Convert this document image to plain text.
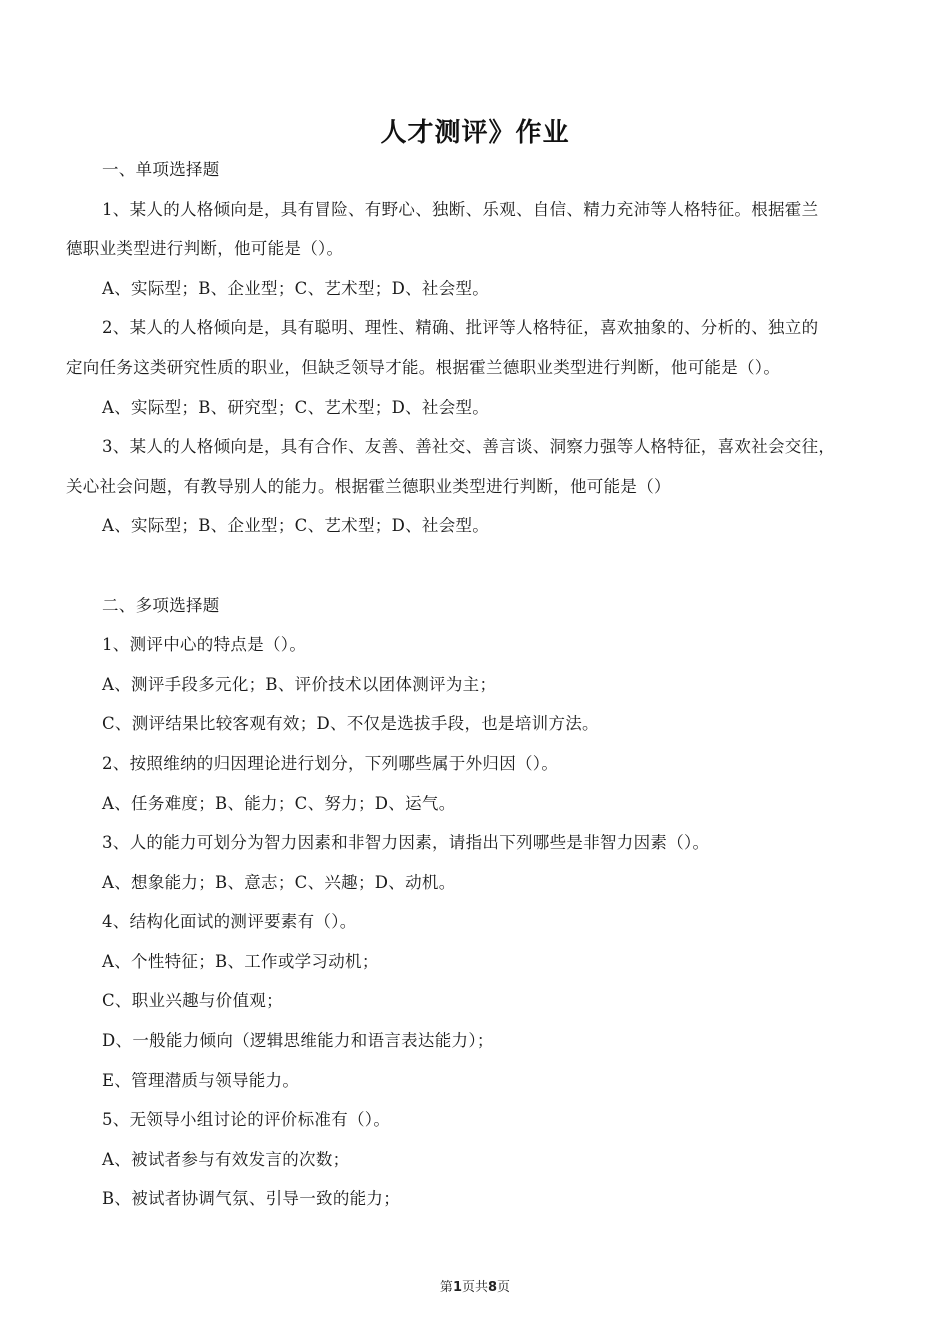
人才测评》作业

一、单项选择题

1、某人的人格倾向是，具有冒险、有野心、独断、乐观、自信、精力充沛等人格特征。根据霍兰

德职业类型进行判断，他可能是（）。

A、实际型；B、企业型；C、艺术型；D、社会型。

2、某人的人格倾向是，具有聪明、理性、精确、批评等人格特征，喜欢抽象的、分析的、独立的

定向任务这类研究性质的职业，但缺乏领导才能。根据霍兰德职业类型进行判断，他可能是（）。

A、实际型；B、研究型；C、艺术型；D、社会型。

3、某人的人格倾向是，具有合作、友善、善社交、善言谈、洞察力强等人格特征，喜欢社会交往，

关心社会问题，有教导别人的能力。根据霍兰德职业类型进行判断，他可能是（）

A、实际型；B、企业型；C、艺术型；D、社会型。

二、多项选择题

1、测评中心的特点是（）。

A、测评手段多元化；B、评价技术以团体测评为主；

C、测评结果比较客观有效；D、不仅是选拔手段，也是培训方法。

2、按照维纳的归因理论进行划分，下列哪些属于外归因（）。

A、任务难度；B、能力；C、努力；D、运气。

3、人的能力可划分为智力因素和非智力因素，请指出下列哪些是非智力因素（）。

A、想象能力；B、意志；C、兴趣；D、动机。

4、结构化面试的测评要素有（）。

A、个性特征；B、工作或学习动机；

C、职业兴趣与价值观；

D、一般能力倾向（逻辑思维能力和语言表达能力）；

E、管理潜质与领导能力。

5、无领导小组讨论的评价标准有（）。

A、被试者参与有效发言的次数；

B、被试者协调气氛、引导一致的能力；

第1页共8页
